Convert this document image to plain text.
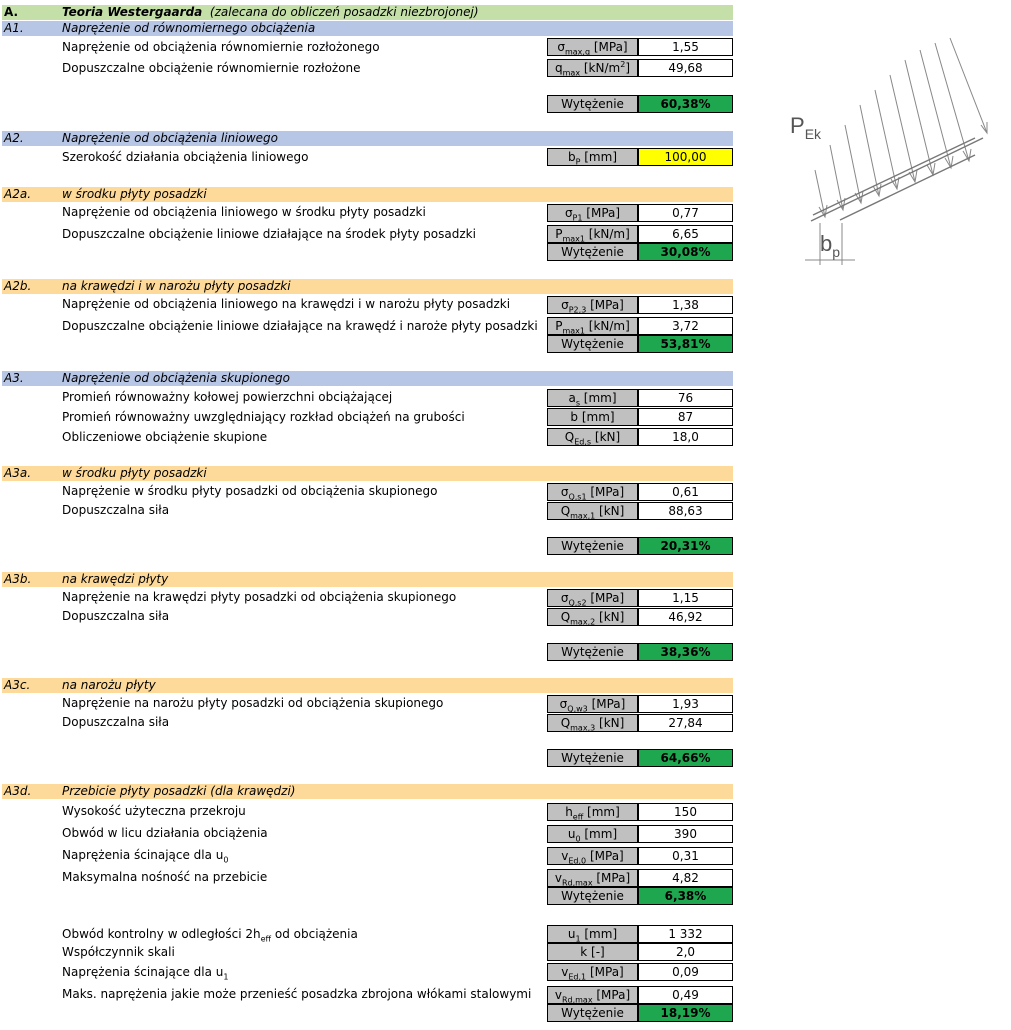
A.	Teoria Westergaarda (zalecana do obliczeń posadzki niezbrojonej)
A1.	Naprężenie od równomiernego obciążenia
Naprężenie od obciążenia równomiernie rozłożonego	$\sigma_{max,q}$ [MPa]	1,55
Dopuszczalne obciążenie równomiernie rozłożone	$q_{max}$ $[kN/m^2]$	49,68
Wytężenie	60,38%
A2.	Naprężenie od obciążenia liniowego
Szerokość działania obciążenia liniowego	$b_P$ [mm]	100,00
A2a.	w środku płyty posadzki
Naprężenie od obciążenia liniowego w środku płyty posadzki	$\sigma_{P1}$ [MPa]	0,77
Dopuszczalne obciążenie liniowe działające na środek płyty posadzki	$P_{max1}$ [kN/m]	6,65
Wytężenie	30,08%
A2b.	na krawędzi i w narożu płyty posadzki
Naprężenie od obciążenia liniowego na krawędzi i w narożu płyty posadzki	$\sigma_{P2,3}$ [MPa]	1,38
Dopuszczalne obciążenie liniowe działające na krawędź i naroże płyty posadzki	$P_{max1}$ [kN/m]	3,72
Wytężenie	53,81%
A3.	Naprężenie od obciążenia skupionego
Promień równoważny kołowej powierzchni obciążającej	$a_s$ [mm]	76
Promień równoważny uwzględniający rozkład obciążeń na grubości	b [mm]	87
Obliczeniowe obciążenie skupione	$Q_{Ed,s}$ [kN]	18,0
A3a.	w środku płyty posadzki
Naprężenie w środku płyty posadzki od obciążenia skupionego	$\sigma_{Q,s1}$ [MPa]	0,61
Dopuszczalna siła	$Q_{max,1}$ [kN]	88,63
Wytężenie	20,31%
A3b.	na krawędzi płyty
Naprężenie na krawędzi płyty posadzki od obciążenia skupionego	$\sigma_{Q,s2}$ [MPa]	1,15
Dopuszczalna siła	$Q_{max,2}$ [kN]	46,92
Wytężenie	38,36%
A3c.	na narożu płyty
Naprężenie na narożu płyty posadzki od obciążenia skupionego	$\sigma_{Q,w3}$ [MPa]	1,93
Dopuszczalna siła	$Q_{max,3}$ [kN]	27,84
Wytężenie	64,66%
A3d.	Przebicie płyty posadzki (dla krawędzi)
Wysokość użyteczna przekroju	$h_{eff}$ [mm]	150
Obwód w licu działania obciążenia	$u_0$ [mm]	390
Naprężenia ścinające dla $u_0$	$v_{Ed,0}$ [MPa]	0,31
Maksymalna nośność na przebicie	$v_{Rd,max}$ [MPa]	4,82
Wytężenie	6,38%
Obwód kontrolny w odległości $2h_{eff}$ od obciążenia	$u_1$ [mm]	1 332
Współczynnik skali	k [-]	2,0
Naprężenia ścinające dla $u_1$	$v_{Ed,1}$ [MPa]	0,09
Maks. naprężenia jakie może przenieść posadzka zbrojona włókami stalowymi	$v_{Rd,max}$ [MPa]	0,49
Wytężenie	18,19%
$P_{Ek}$
$b_p$
